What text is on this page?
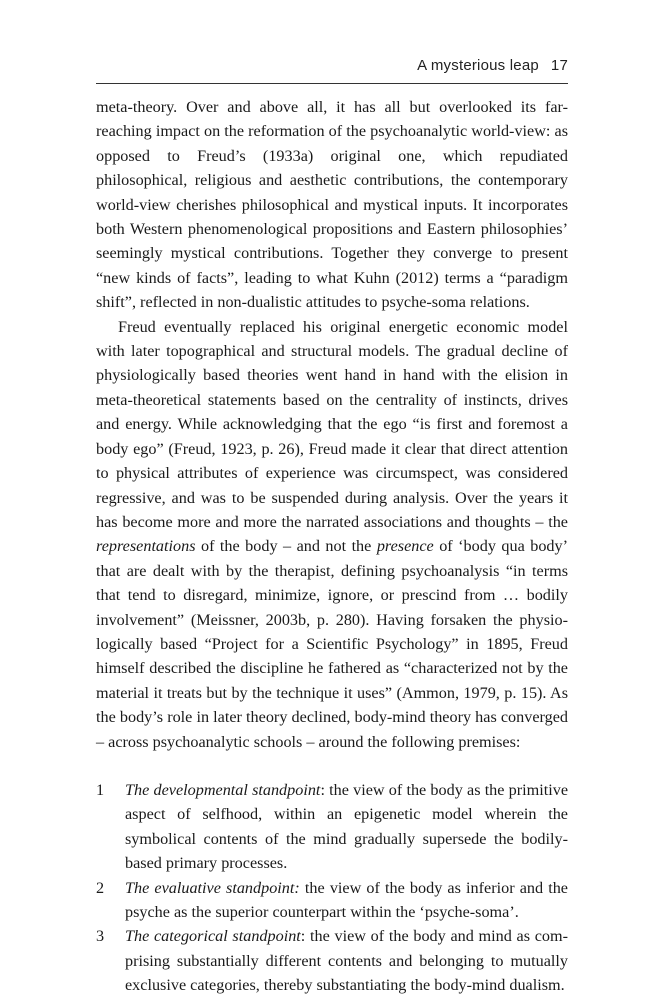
A mysterious leap 17

meta-theory. Over and above all, it has all but overlooked its far-reaching impact on the reformation of the psychoanalytic world-view: as opposed to Freud’s (1933a) original one, which repudiated philosophical, religious and aesthetic contributions, the contemporary world-view cherishes philosophical and mystical inputs. It incorporates both Western phenomenological propositions and Eastern philosophies’ seemingly mystical contributions. Together they converge to present “new kinds of facts”, leading to what Kuhn (2012) terms a “paradigm shift”, reflected in non-dualistic attitudes to psyche-soma relations.

Freud eventually replaced his original energetic economic model with later topographical and structural models. The gradual decline of physiologically based theories went hand in hand with the elision in meta-theoretical statements based on the centrality of instincts, drives and energy. While acknowledging that the ego “is first and foremost a body ego” (Freud, 1923, p. 26), Freud made it clear that direct attention to physical attributes of experience was circumspect, was considered regressive, and was to be suspended during analysis. Over the years it has become more and more the narrated associations and thoughts – the representations of the body – and not the presence of ‘body qua body’ that are dealt with by the therapist, defining psychoanalysis “in terms that tend to disregard, minimize, ignore, or prescind from … bodily involvement” (Meissner, 2003b, p. 280). Having forsaken the physiologically based “Project for a Scientific Psychology” in 1895, Freud himself described the discipline he fathered as “characterized not by the material it treats but by the technique it uses” (Ammon, 1979, p. 15). As the body’s role in later theory declined, body-mind theory has converged – across psychoanalytic schools – around the following premises:

1 The developmental standpoint: the view of the body as the primitive aspect of selfhood, within an epigenetic model wherein the symbolical contents of the mind gradually supersede the bodily-based primary processes.
2 The evaluative standpoint: the view of the body as inferior and the psyche as the superior counterpart within the ‘psyche-soma’.
3 The categorical standpoint: the view of the body and mind as comprising substantially different contents and belonging to mutually exclusive categories, thereby substantiating the body-mind dualism.
